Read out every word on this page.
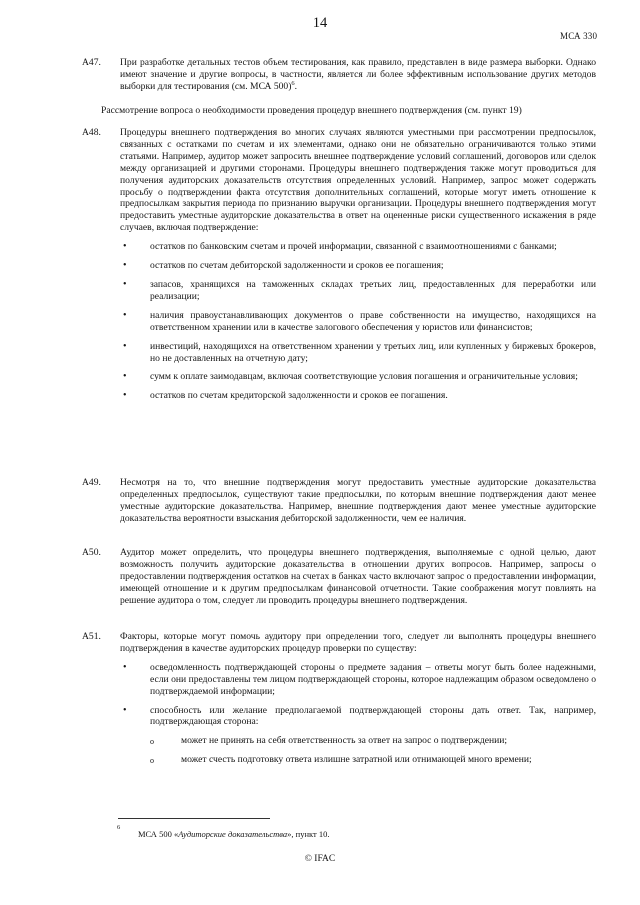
14
МСА 330
A47. При разработке детальных тестов объем тестирования, как правило, представлен в виде размера выборки. Однако имеют значение и другие вопросы, в частности, является ли более эффективным использование других методов выборки для тестирования (см. МСА 500)$^6$.

Рассмотрение вопроса о необходимости проведения процедур внешнего подтверждения (см. пункт 19)
A48. Процедуры внешнего подтверждения во многих случаях являются уместными при рассмотрении предпосылок, связанных с остатками по счетам и их элементами, однако они не обязательно ограничиваются только этими статьями. Например, аудитор может запросить внешнее подтверждение условий соглашений, договоров или сделок между организацией и другими сторонами. Процедуры внешнего подтверждения также могут проводиться для получения аудиторских доказательств отсутствия определенных условий. Например, запрос может содержать просьбу о подтверждении факта отсутствия дополнительных соглашений, которые могут иметь отношение к предпосылкам закрытия периода по признанию выручки организации. Процедуры внешнего подтверждения могут предоставить уместные аудиторские доказательства в ответ на оцененные риски существенного искажения в ряде случаев, включая подтверждение:

• остатков по банковским счетам и прочей информации, связанной с взаимоотношениями с банками;
• остатков по счетам дебиторской задолженности и сроков ее погашения;
• запасов, хранящихся на таможенных складах третьих лиц, предоставленных для переработки или реализации;
• наличия правоустанавливающих документов о праве собственности на имущество, находящихся на ответственном хранении или в качестве залогового обеспечения у юристов или финансистов;
• инвестиций, находящихся на ответственном хранении у третьих лиц, или купленных у биржевых брокеров, но не доставленных на отчетную дату;
• сумм к оплате заимодавцам, включая соответствующие условия погашения и ограничительные условия;
• остатков по счетам кредиторской задолженности и сроков ее погашения.
A49. Несмотря на то, что внешние подтверждения могут предоставить уместные аудиторские доказательства определенных предпосылок, существуют такие предпосылки, по которым внешние подтверждения дают менее уместные аудиторские доказательства. Например, внешние подтверждения дают менее уместные аудиторские доказательства вероятности взыскания дебиторской задолженности, чем ее наличия.

A50. Аудитор может определить, что процедуры внешнего подтверждения, выполняемые с одной целью, дают возможность получить аудиторские доказательства в отношении других вопросов. Например, запросы о предоставлении подтверждения остатков на счетах в банках часто включают запрос о предоставлении информации, имеющей отношение и к другим предпосылкам финансовой отчетности. Такие соображения могут повлиять на решение аудитора о том, следует ли проводить процедуры внешнего подтверждения.

A51. Факторы, которые могут помочь аудитору при определении того, следует ли выполнять процедуры внешнего подтверждения в качестве аудиторских процедур проверки по существу:

• осведомленность подтверждающей стороны о предмете задания – ответы могут быть более надежными, если они предоставлены тем лицом подтверждающей стороны, которое надлежащим образом осведомлено о подтверждаемой информации;
• способность или желание предполагаемой подтверждающей стороны дать ответ. Так, например, подтверждающая сторона:
o	может не принять на себя ответственность за ответ на запрос о подтверждении;
o	может счесть подготовку ответа излишне затратной или отнимающей много времени;
6
МСА 500 «Аудиторские доказательства», пункт 10.
© IFAC
